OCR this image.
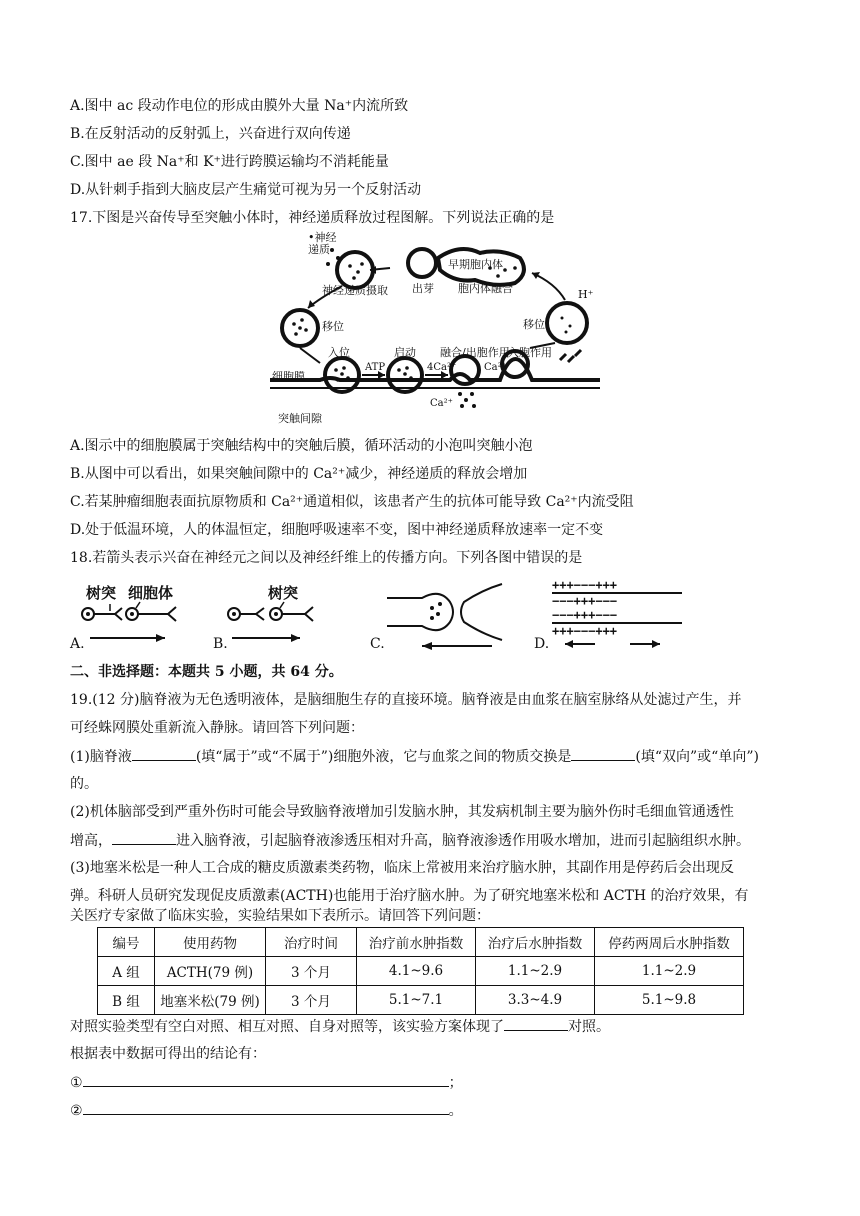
A.图中 ac 段动作电位的形成由膜外大量 Na⁺内流所致
B.在反射活动的反射弧上，兴奋进行双向传递
C.图中 ae 段 Na⁺和 K⁺进行跨膜运输均不消耗能量
D.从针刺手指到大脑皮层产生痛觉可视为另一个反射活动
17.下图是兴奋传导至突触小体时，神经递质释放过程图解。下列说法正确的是
•神经递质
神经递质摄取 出芽
早期胞内体
胞内体融合	H⁺
移位	移位
入位	启动 融合/出胞作用
入胞作用
ATP	4Ca²⁺	Ca²⁺
Ca²⁺
细胞膜
突触间隙
A.图示中的细胞膜属于突触结构中的突触后膜，循环活动的小泡叫突触小泡
B.从图中可以看出，如果突触间隙中的 Ca²⁺减少，神经递质的释放会增加
C.若某肿瘤细胞表面抗原物质和 Ca²⁺通道相似，该患者产生的抗体可能导致 Ca²⁺内流受阻
D.处于低温环境，人的体温恒定，细胞呼吸速率不变，图中神经递质释放速率一定不变
18.若箭头表示兴奋在神经元之间以及神经纤维上的传播方向。下列各图中错误的是
树突 细胞体
A.
树突
B.	C.
+++−−−+++
−−−+++−−−
−−−+++−−−
+++−−−+++
D.
二、非选择题：本题共 5 小题，共 64 分。
19.(12 分)脑脊液为无色透明液体，是脑细胞生存的直接环境。脑脊液是由血浆在脑室脉络从处滤过产生，并
可经蛛网膜处重新流入静脉。请回答下列问题：
(1)脑脊液	(填“属于”或“不属于”)细胞外液，它与血浆之间的物质交换是	(填“双向”或“单向”)
的。
(2)机体脑部受到严重外伤时可能会导致脑脊液增加引发脑水肿，其发病机制主要为脑外伤时毛细血管通透性
增高，	进入脑脊液，引起脑脊液渗透压相对升高，脑脊液渗透作用吸水增加，进而引起脑组织水肿。
(3)地塞米松是一种人工合成的糖皮质激素类药物，临床上常被用来治疗脑水肿，其副作用是停药后会出现反
弹。科研人员研究发现促皮质激素(ACTH)也能用于治疗脑水肿。为了研究地塞米松和 ACTH 的治疗效果，有
关医疗专家做了临床实验，实验结果如下表所示。请回答下列问题：
编号	使用药物	治疗时间	治疗前水肿指数	治疗后水肿指数	停药两周后水肿指数
A 组	ACTH(79 例)	3 个月	4.1~9.6	1.1~2.9	1.1~2.9
B 组	地塞米松(79 例)	3 个月	5.1~7.1	3.3~4.9	5.1~9.8
对照实验类型有空白对照、相互对照、自身对照等，该实验方案体现了	对照。
根据表中数据可得出的结论有：
①	；
②	。
